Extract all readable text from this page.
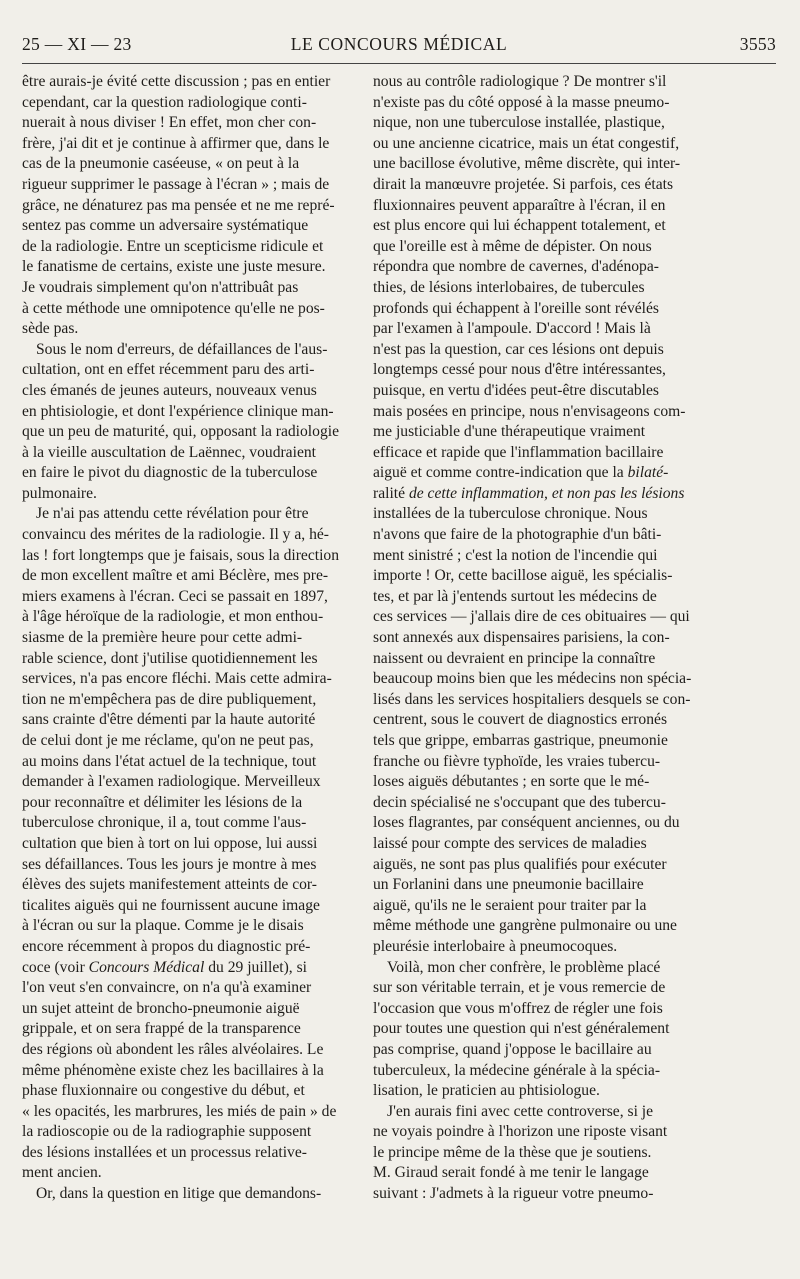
25 — XI — 23	LE CONCOURS MÉDICAL	3553

être aurais-je évité cette discussion ; pas en entier
cependant, car la question radiologique conti-
nuerait à nous diviser ! En effet, mon cher con-
frère, j'ai dit et je continue à affirmer que, dans le
cas de la pneumonie caséeuse, « on peut à la
rigueur supprimer le passage à l'écran » ; mais de
grâce, ne dénaturez pas ma pensée et ne me repré-
sentez pas comme un adversaire systématique
de la radiologie. Entre un scepticisme ridicule et
le fanatisme de certains, existe une juste mesure.
Je voudrais simplement qu'on n'attribuât pas
à cette méthode une omnipotence qu'elle ne pos-
sède pas.

Sous le nom d'erreurs, de défaillances de l'aus-
cultation, ont en effet récemment paru des arti-
cles émanés de jeunes auteurs, nouveaux venus
en phtisiologie, et dont l'expérience clinique man-
que un peu de maturité, qui, opposant la radiologie
à la vieille auscultation de Laënnec, voudraient
en faire le pivot du diagnostic de la tuberculose
pulmonaire.

Je n'ai pas attendu cette révélation pour être
convaincu des mérites de la radiologie. Il y a, hé-
las ! fort longtemps que je faisais, sous la direction
de mon excellent maître et ami Béclère, mes pre-
miers examens à l'écran. Ceci se passait en 1897,
à l'âge héroïque de la radiologie, et mon enthou-
siasme de la première heure pour cette admi-
rable science, dont j'utilise quotidiennement les
services, n'a pas encore fléchi. Mais cette admira-
tion ne m'empêchera pas de dire publiquement,
sans crainte d'être démenti par la haute autorité
de celui dont je me réclame, qu'on ne peut pas,
au moins dans l'état actuel de la technique, tout
demander à l'examen radiologique. Merveilleux
pour reconnaître et délimiter les lésions de la
tuberculose chronique, il a, tout comme l'aus-
cultation que bien à tort on lui oppose, lui aussi
ses défaillances. Tous les jours je montre à mes
élèves des sujets manifestement atteints de cor-
ticalites aiguës qui ne fournissent aucune image
à l'écran ou sur la plaque. Comme je le disais
encore récemment à propos du diagnostic pré-
coce (voir Concours Médical du 29 juillet), si
l'on veut s'en convaincre, on n'a qu'à examiner
un sujet atteint de broncho-pneumonie aiguë
grippale, et on sera frappé de la transparence
des régions où abondent les râles alvéolaires. Le
même phénomène existe chez les bacillaires à la
phase fluxionnaire ou congestive du début, et
« les opacités, les marbrures, les miés de pain » de
la radioscopie ou de la radiographie supposent
des lésions installées et un processus relative-
ment ancien.

Or, dans la question en litige que demandons-

nous au contrôle radiologique ? De montrer s'il
n'existe pas du côté opposé à la masse pneumo-
nique, non une tuberculose installée, plastique,
ou une ancienne cicatrice, mais un état congestif,
une bacillose évolutive, même discrète, qui inter-
dirait la manœuvre projetée. Si parfois, ces états
fluxionnaires peuvent apparaître à l'écran, il en
est plus encore qui lui échappent totalement, et
que l'oreille est à même de dépister. On nous
répondra que nombre de cavernes, d'adénopa-
thies, de lésions interlobaires, de tubercules
profonds qui échappent à l'oreille sont révélés
par l'examen à l'ampoule. D'accord ! Mais là
n'est pas la question, car ces lésions ont depuis
longtemps cessé pour nous d'être intéressantes,
puisque, en vertu d'idées peut-être discutables
mais posées en principe, nous n'envisageons com-
me justiciable d'une thérapeutique vraiment
efficace et rapide que l'inflammation bacillaire
aiguë et comme contre-indication que la bilaté-
ralité de cette inflammation, et non pas les lésions
installées de la tuberculose chronique. Nous
n'avons que faire de la photographie d'un bâti-
ment sinistré ; c'est la notion de l'incendie qui
importe ! Or, cette bacillose aiguë, les spécialis-
tes, et par là j'entends surtout les médecins de
ces services — j'allais dire de ces obituaires — qui
sont annexés aux dispensaires parisiens, la con-
naissent ou devraient en principe la connaître
beaucoup moins bien que les médecins non spécia-
lisés dans les services hospitaliers desquels se con-
centrent, sous le couvert de diagnostics erronés
tels que grippe, embarras gastrique, pneumonie
franche ou fièvre typhoïde, les vraies tubercu-
loses aiguës débutantes ; en sorte que le mé-
decin spécialisé ne s'occupant que des tubercu-
loses flagrantes, par conséquent anciennes, ou du
laissé pour compte des services de maladies
aiguës, ne sont pas plus qualifiés pour exécuter
un Forlanini dans une pneumonie bacillaire
aiguë, qu'ils ne le seraient pour traiter par la
même méthode une gangrène pulmonaire ou une
pleurésie interlobaire à pneumocoques.

Voilà, mon cher confrère, le problème placé
sur son véritable terrain, et je vous remercie de
l'occasion que vous m'offrez de régler une fois
pour toutes une question qui n'est généralement
pas comprise, quand j'oppose le bacillaire au
tuberculeux, la médecine générale à la spécia-
lisation, le praticien au phtisiologue.

J'en aurais fini avec cette controverse, si je
ne voyais poindre à l'horizon une riposte visant
le principe même de la thèse que je soutiens.
M. Giraud serait fondé à me tenir le langage
suivant : J'admets à la rigueur votre pneumo-
